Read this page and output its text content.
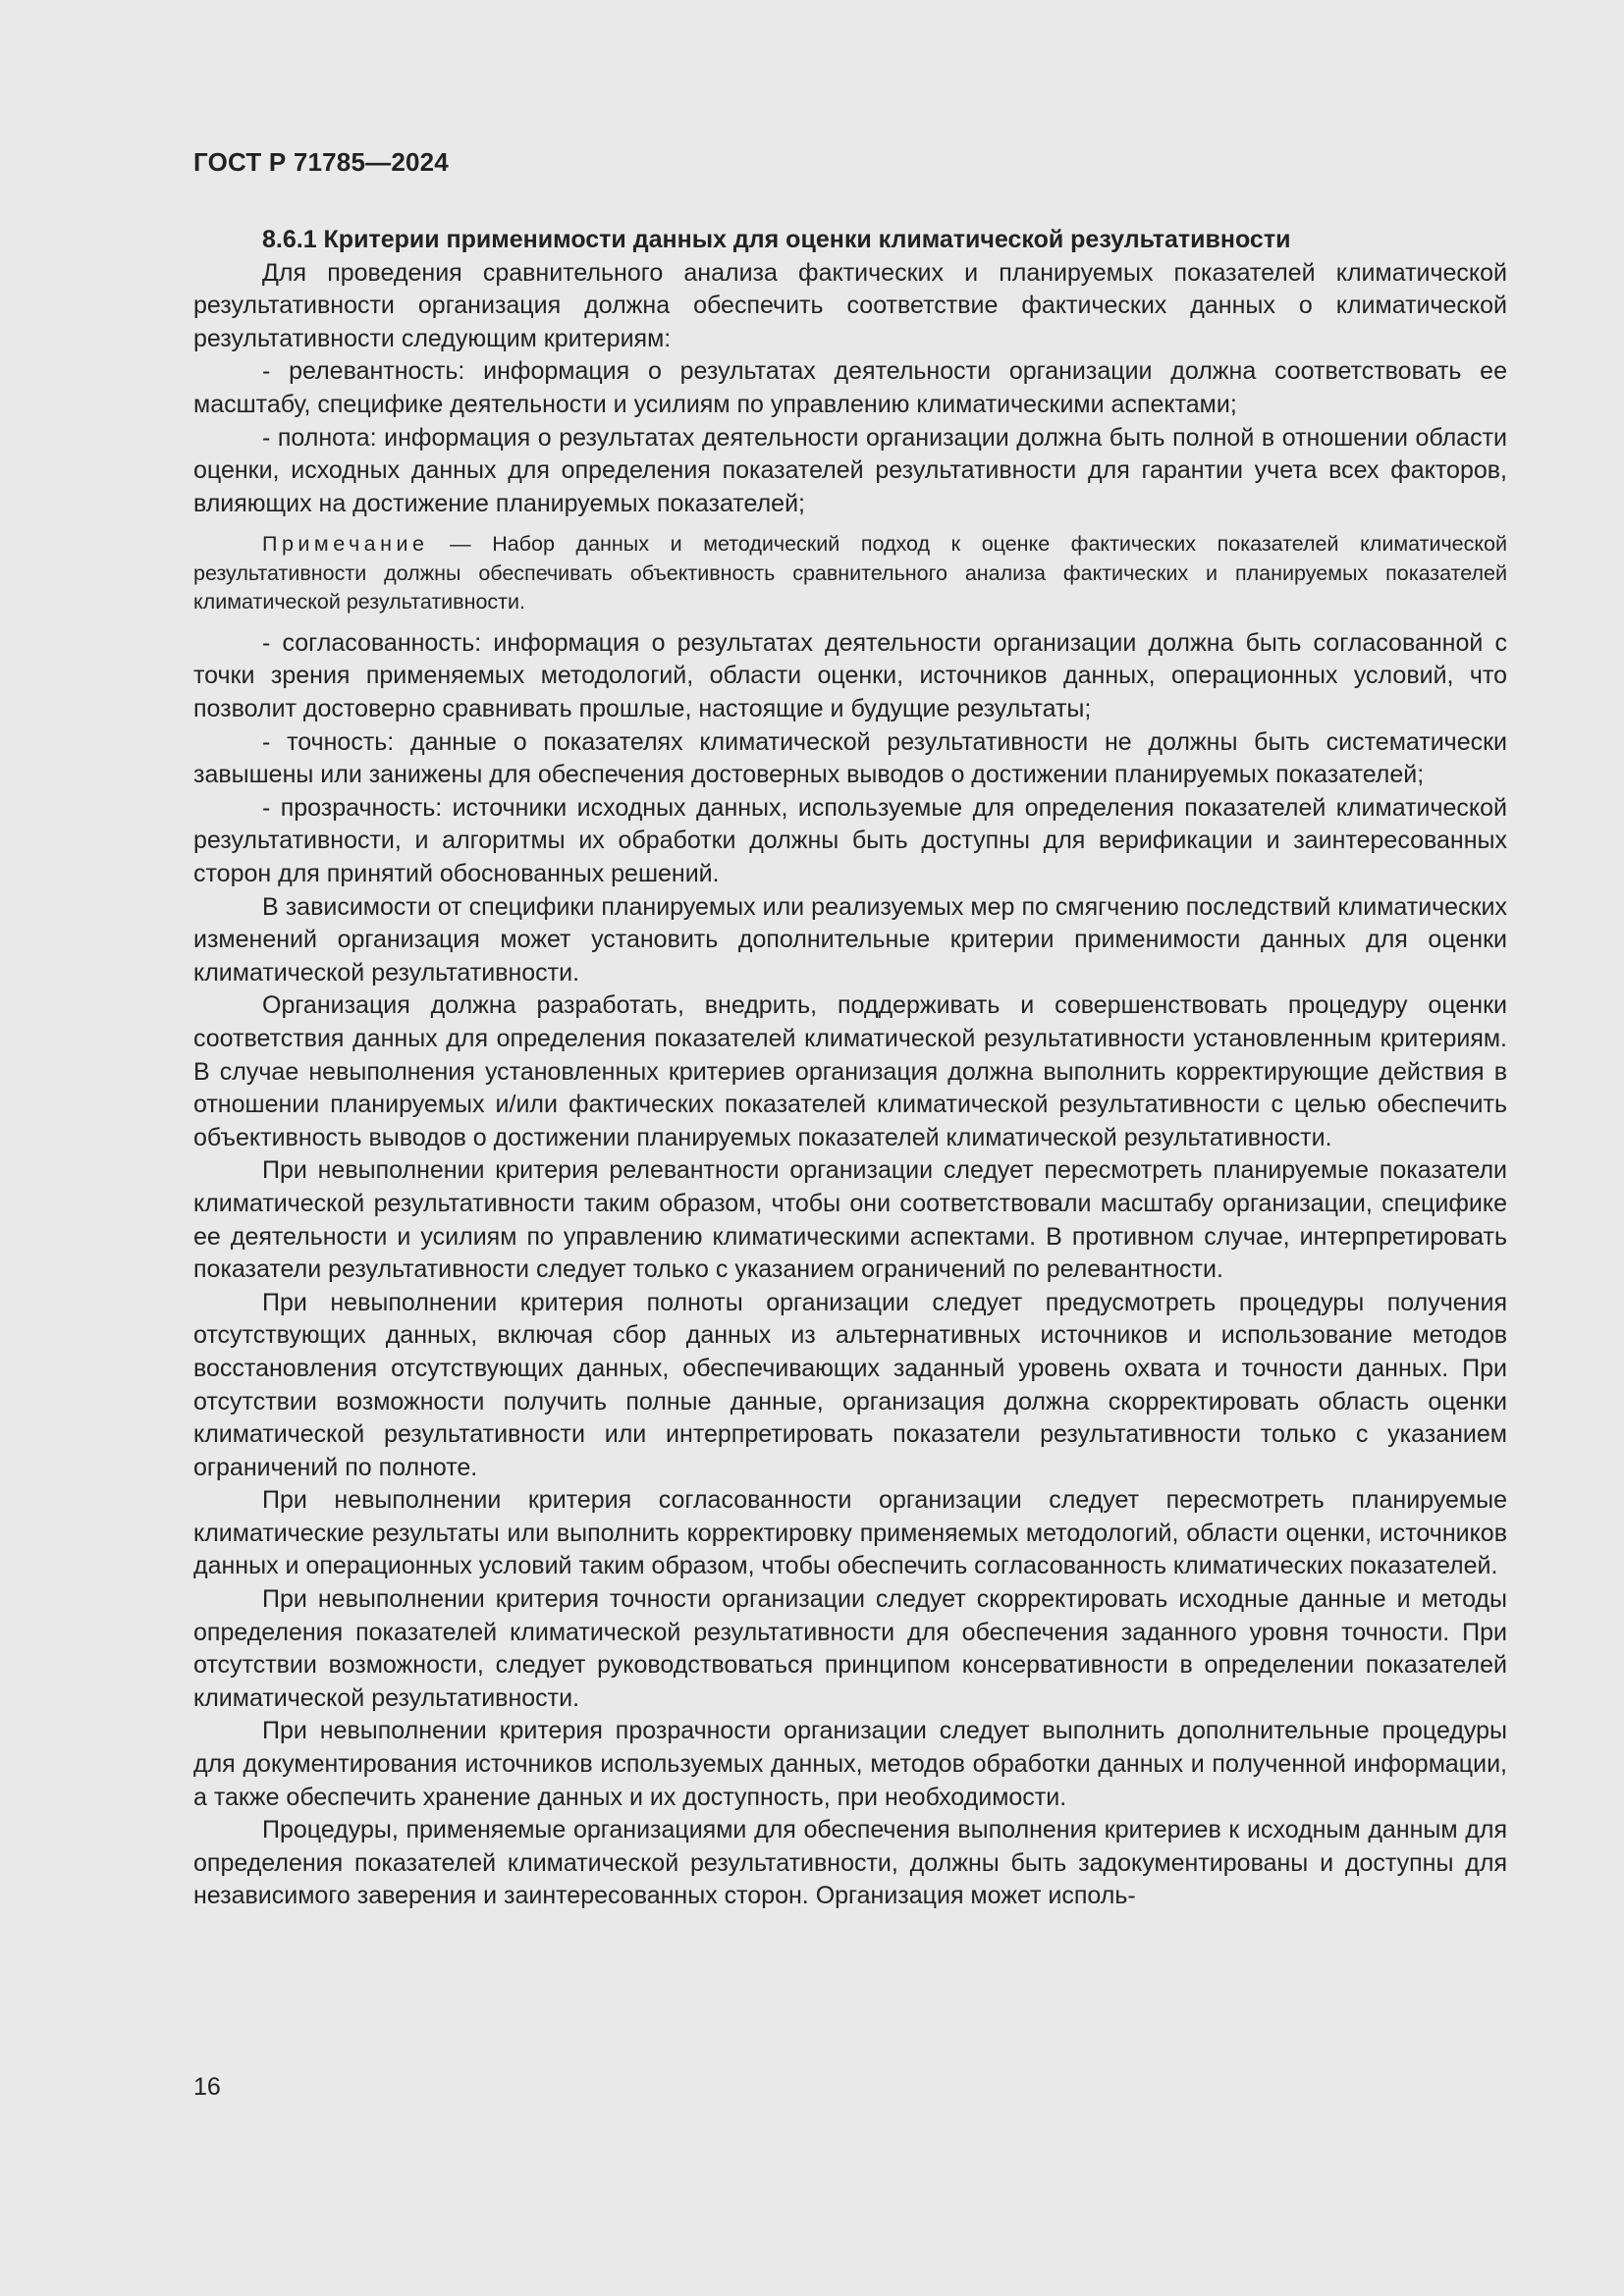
ГОСТ Р 71785—2024

8.6.1 Критерии применимости данных для оценки климатической результативности

Для проведения сравнительного анализа фактических и планируемых показателей климатической результативности организация должна обеспечить соответствие фактических данных о климатической результативности следующим критериям:

- релевантность: информация о результатах деятельности организации должна соответствовать ее масштабу, специфике деятельности и усилиям по управлению климатическими аспектами;

- полнота: информация о результатах деятельности организации должна быть полной в отношении области оценки, исходных данных для определения показателей результативности для гарантии учета всех факторов, влияющих на достижение планируемых показателей;

Примечание — Набор данных и методический подход к оценке фактических показателей климатической результативности должны обеспечивать объективность сравнительного анализа фактических и планируемых показателей климатической результативности.

- согласованность: информация о результатах деятельности организации должна быть согласованной с точки зрения применяемых методологий, области оценки, источников данных, операционных условий, что позволит достоверно сравнивать прошлые, настоящие и будущие результаты;

- точность: данные о показателях климатической результативности не должны быть систематически завышены или занижены для обеспечения достоверных выводов о достижении планируемых показателей;

- прозрачность: источники исходных данных, используемые для определения показателей климатической результативности, и алгоритмы их обработки должны быть доступны для верификации и заинтересованных сторон для принятий обоснованных решений.

В зависимости от специфики планируемых или реализуемых мер по смягчению последствий климатических изменений организация может установить дополнительные критерии применимости данных для оценки климатической результативности.

Организация должна разработать, внедрить, поддерживать и совершенствовать процедуру оценки соответствия данных для определения показателей климатической результативности установленным критериям. В случае невыполнения установленных критериев организация должна выполнить корректирующие действия в отношении планируемых и/или фактических показателей климатической результативности с целью обеспечить объективность выводов о достижении планируемых показателей климатической результативности.

При невыполнении критерия релевантности организации следует пересмотреть планируемые показатели климатической результативности таким образом, чтобы они соответствовали масштабу организации, специфике ее деятельности и усилиям по управлению климатическими аспектами. В противном случае, интерпретировать показатели результативности следует только с указанием ограничений по релевантности.

При невыполнении критерия полноты организации следует предусмотреть процедуры получения отсутствующих данных, включая сбор данных из альтернативных источников и использование методов восстановления отсутствующих данных, обеспечивающих заданный уровень охвата и точности данных. При отсутствии возможности получить полные данные, организация должна скорректировать область оценки климатической результативности или интерпретировать показатели результативности только с указанием ограничений по полноте.

При невыполнении критерия согласованности организации следует пересмотреть планируемые климатические результаты или выполнить корректировку применяемых методологий, области оценки, источников данных и операционных условий таким образом, чтобы обеспечить согласованность климатических показателей.

При невыполнении критерия точности организации следует скорректировать исходные данные и методы определения показателей климатической результативности для обеспечения заданного уровня точности. При отсутствии возможности, следует руководствоваться принципом консервативности в определении показателей климатической результативности.

При невыполнении критерия прозрачности организации следует выполнить дополнительные процедуры для документирования источников используемых данных, методов обработки данных и полученной информации, а также обеспечить хранение данных и их доступность, при необходимости.

Процедуры, применяемые организациями для обеспечения выполнения критериев к исходным данным для определения показателей климатической результативности, должны быть задокументированы и доступны для независимого заверения и заинтересованных сторон. Организация может исполь-

16
